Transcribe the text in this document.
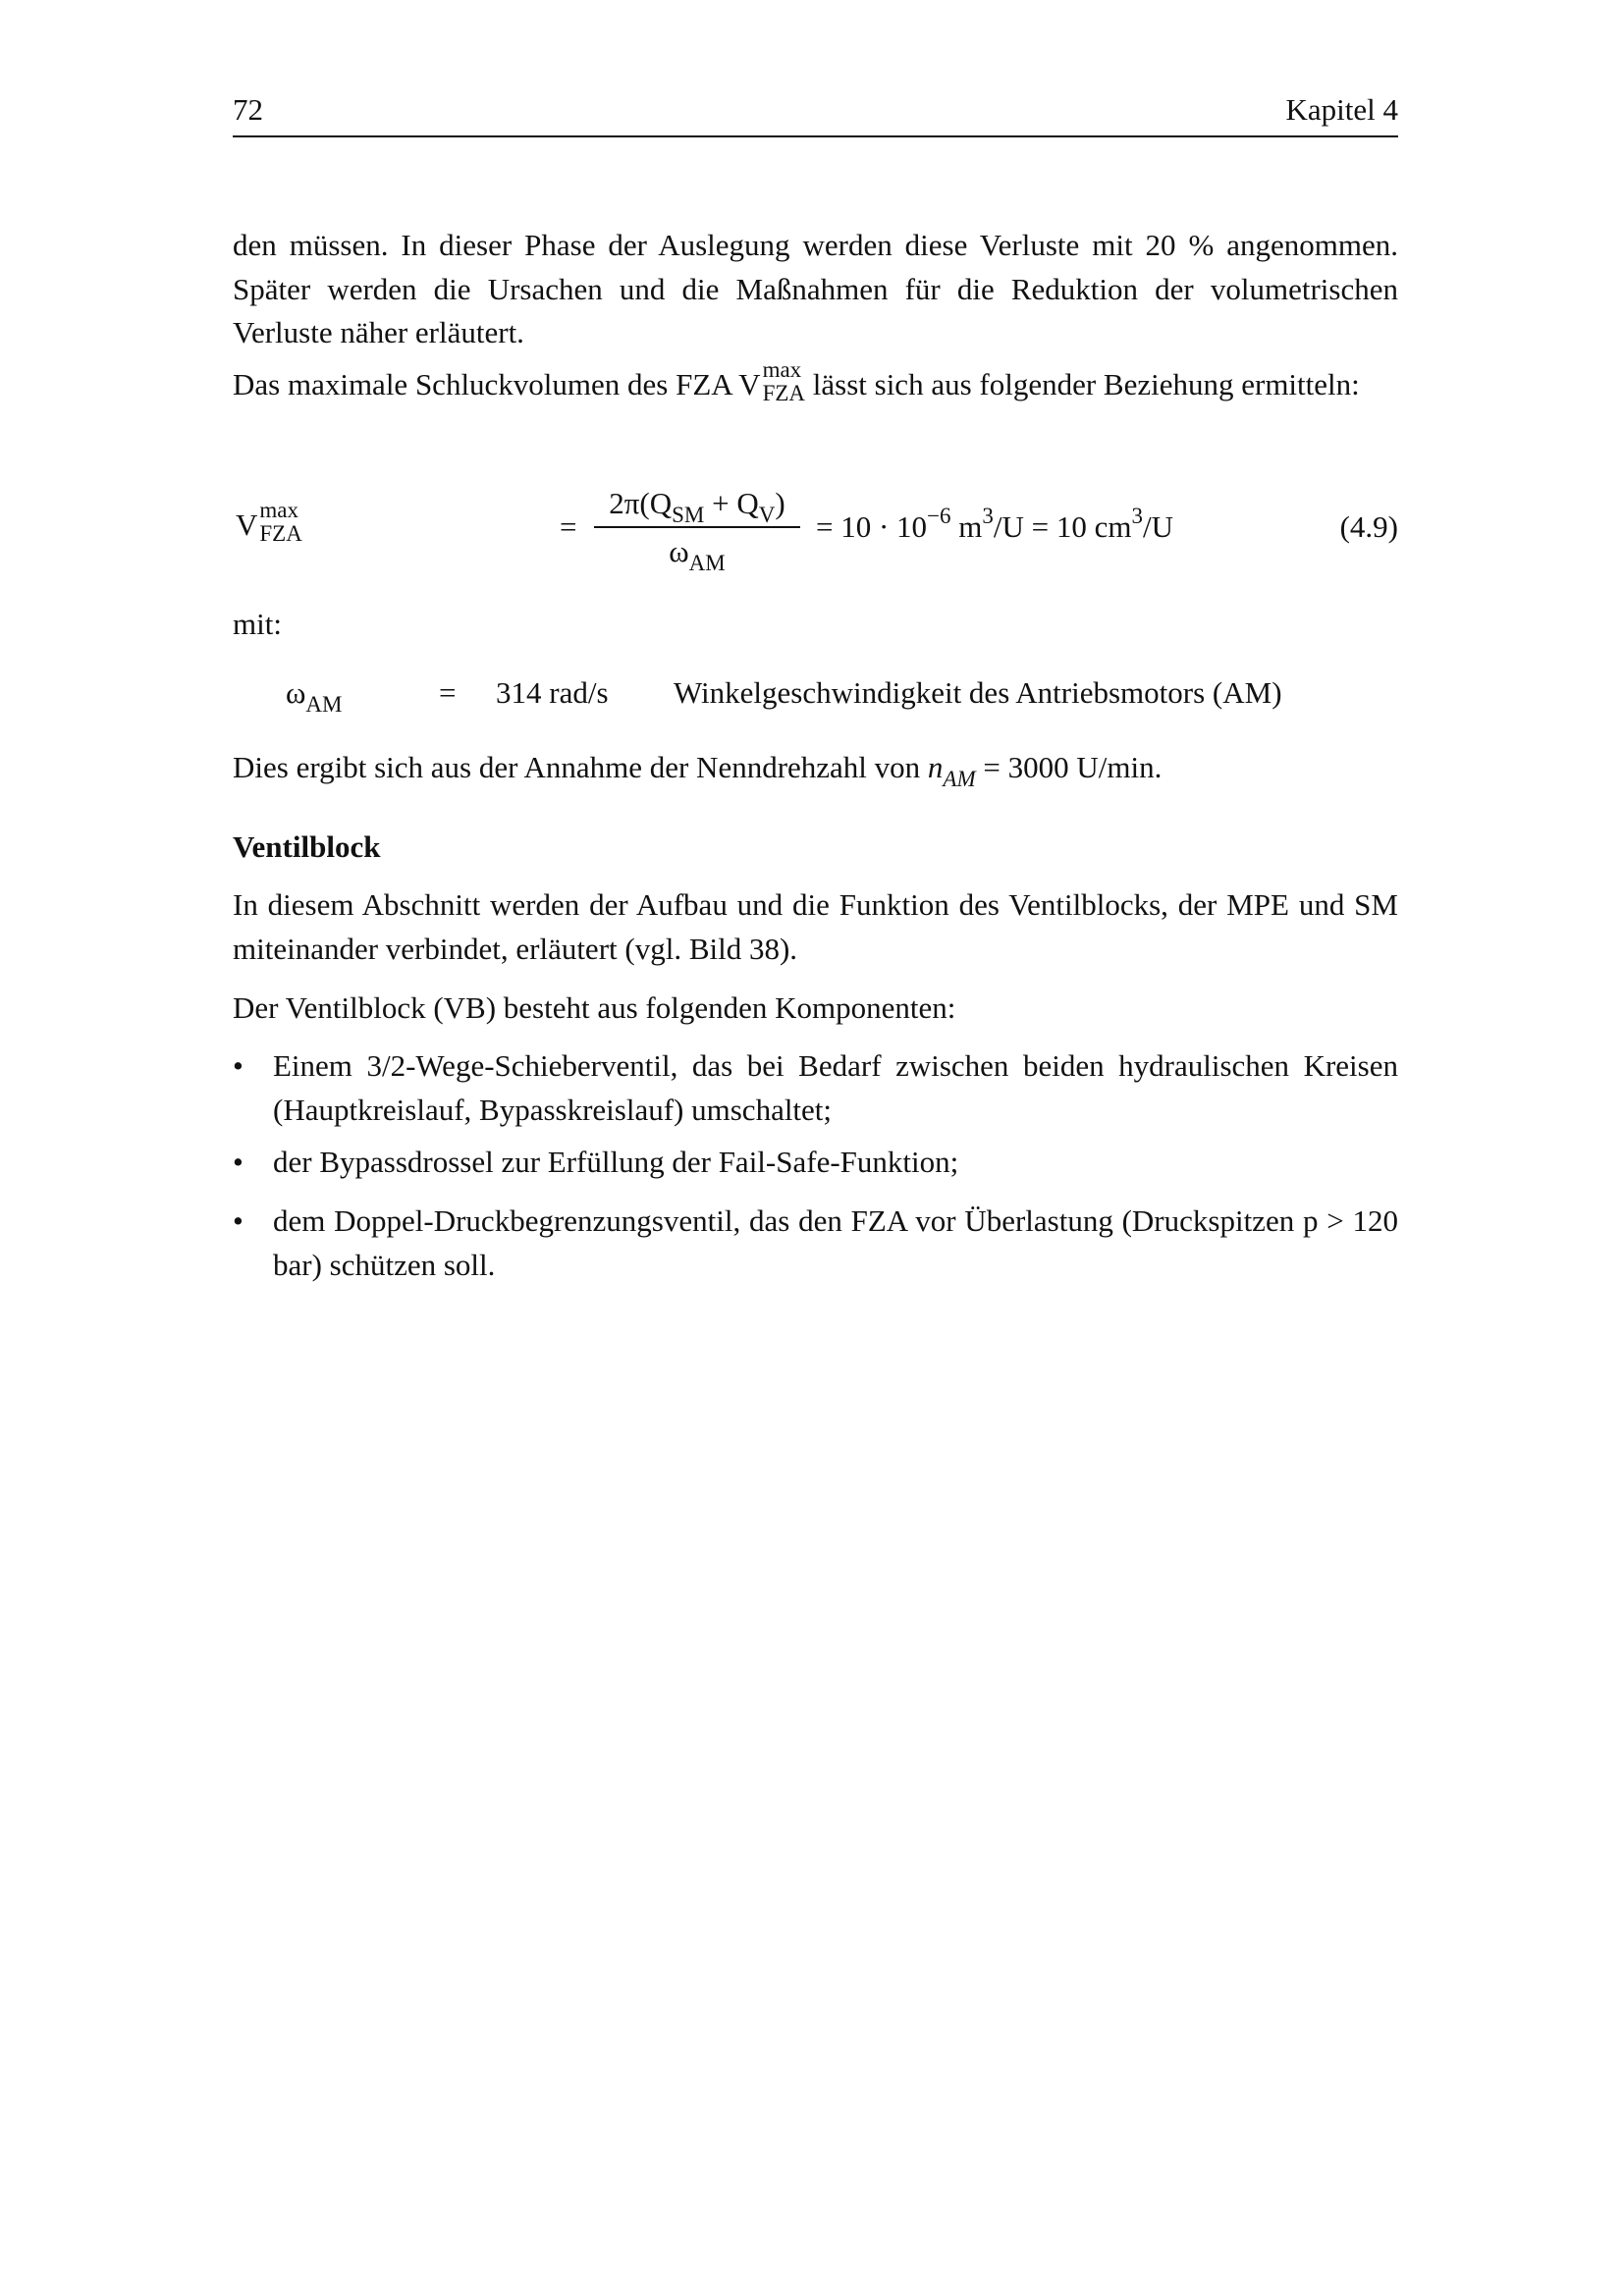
72	Kapitel 4

den müssen. In dieser Phase der Auslegung werden diese Verluste mit 20 % angenommen. Später werden die Ursachen und die Maßnahmen für die Reduktion der volumetrischen Verluste näher erläutert.

Das maximale Schluckvolumen des FZA V max
FZA lässt sich aus folgender Beziehung ermitteln:

V max
FZA	=
$2\pi(Q_{SM} + Q_V)$
$\omega_{AM}$
= $10 \cdot 10^{-6}$ $m^3/U = 10$ $cm^3/U$	(4.9)

mit:

$\omega_{AM}$	= 314 rad/s Winkelgeschwindigkeit des Antriebsmotors (AM)

Dies ergibt sich aus der Annahme der Nenndrehzahl von $n_{AM} = 3000$ U/min.

Ventilblock

In diesem Abschnitt werden der Aufbau und die Funktion des Ventilblocks, der MPE und SM miteinander verbindet, erläutert (vgl. Bild 38).

Der Ventilblock (VB) besteht aus folgenden Komponenten:

• Einem 3/2-Wege-Schieberventil, das bei Bedarf zwischen beiden hydraulischen Kreisen (Hauptkreislauf, Bypasskreislauf) umschaltet;
• der Bypassdrossel zur Erfüllung der Fail-Safe-Funktion;
• dem Doppel-Druckbegrenzungsventil, das den FZA vor Überlastung (Druckspitzen p > 120 bar) schützen soll.
